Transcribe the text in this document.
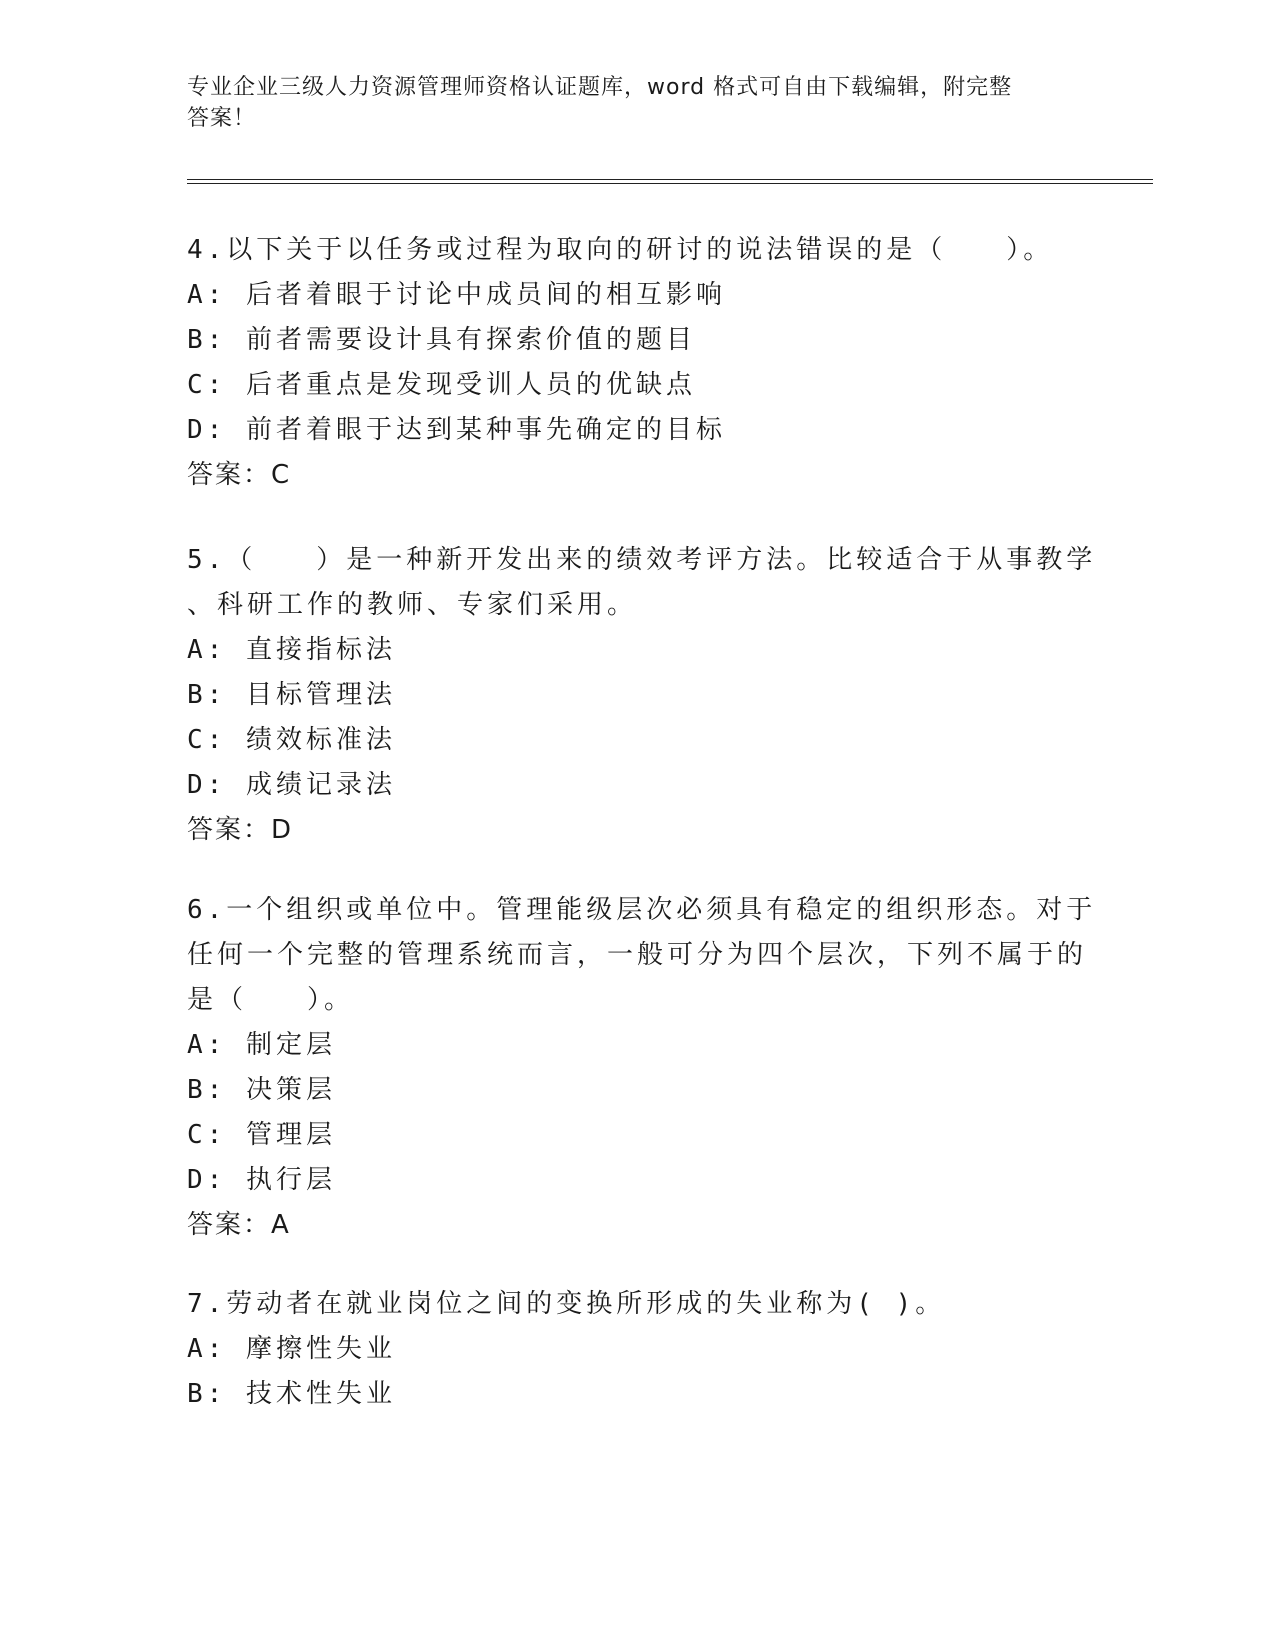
专业企业三级人力资源管理师资格认证题库，word 格式可自由下载编辑，附完整
答案！
4.以下关于以任务或过程为取向的研讨的说法错误的是（　　）。
A: 后者着眼于讨论中成员间的相互影响
B: 前者需要设计具有探索价值的题目
C: 后者重点是发现受训人员的优缺点
D: 前者着眼于达到某种事先确定的目标
答案：C
5.（　　）是一种新开发出来的绩效考评方法。比较适合于从事教学
、科研工作的教师、专家们采用。
A: 直接指标法
B: 目标管理法
C: 绩效标准法
D: 成绩记录法
答案：D
6.一个组织或单位中。管理能级层次必须具有稳定的组织形态。对于
任何一个完整的管理系统而言，一般可分为四个层次，下列不属于的
是（　　）。
A: 制定层
B: 决策层
C: 管理层
D: 执行层
答案：A
7.劳动者在就业岗位之间的变换所形成的失业称为( )。
A: 摩擦性失业
B: 技术性失业
